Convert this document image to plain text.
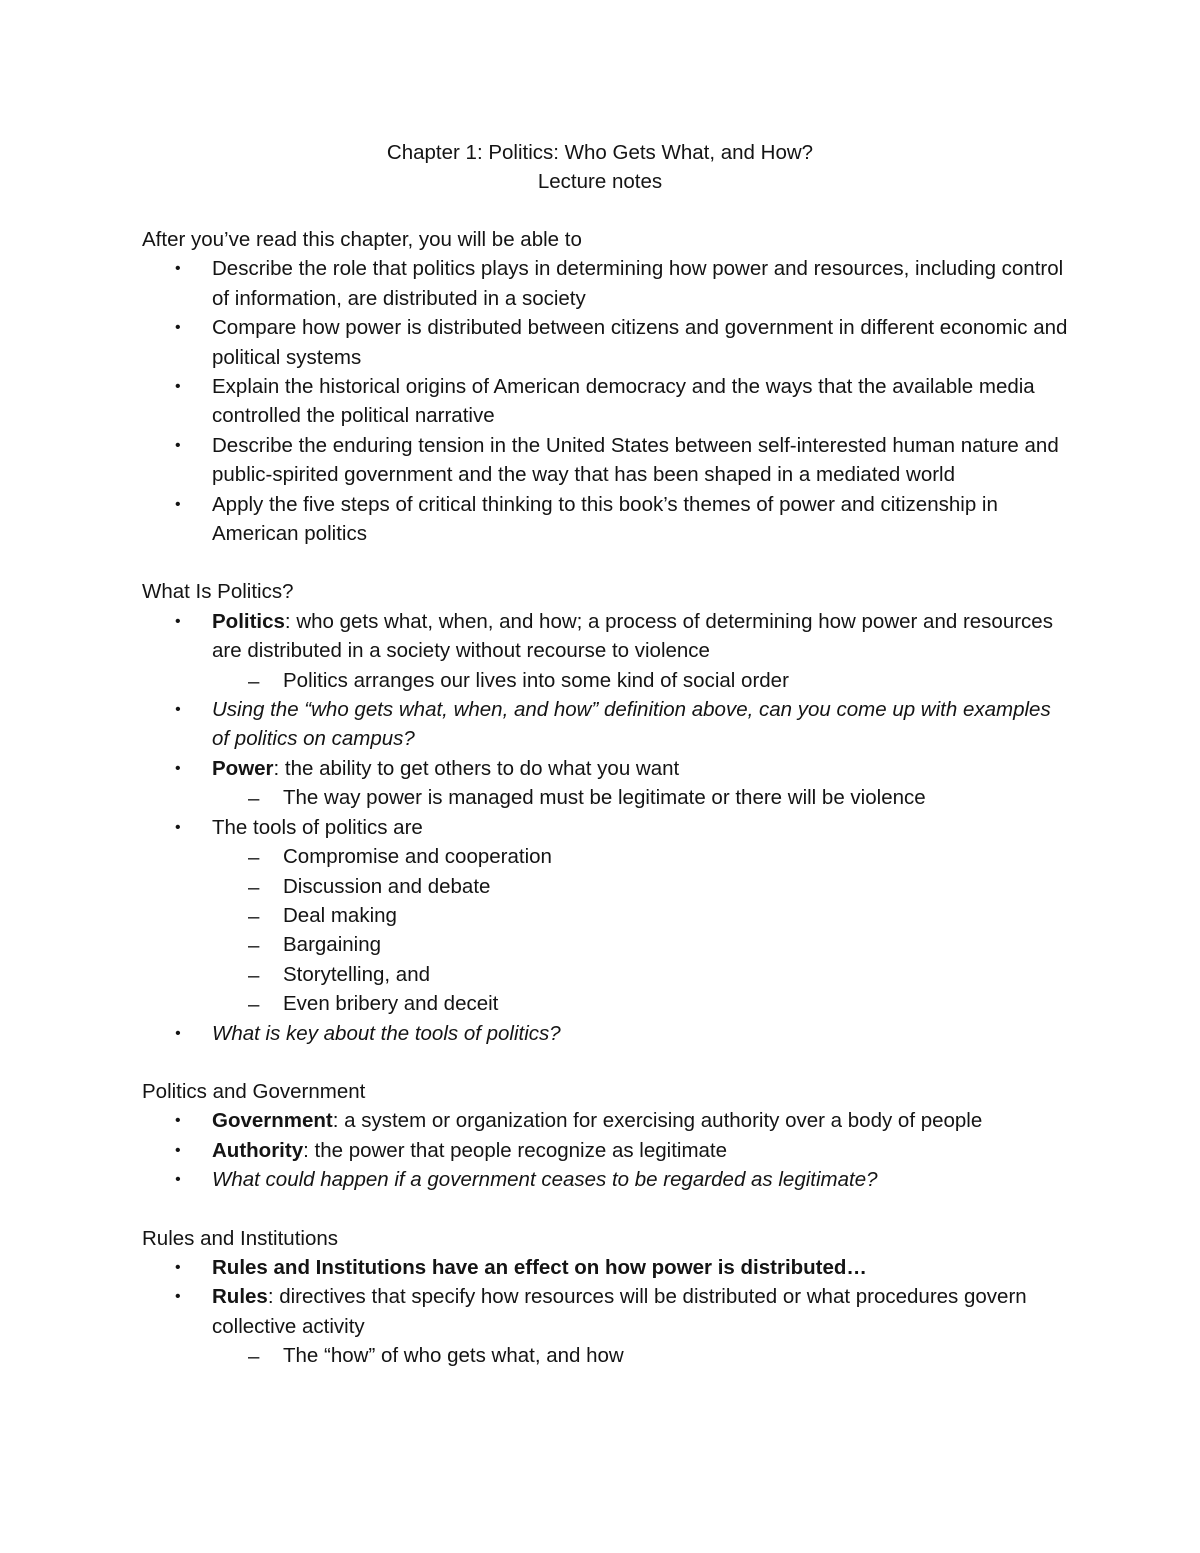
Chapter 1: Politics: Who Gets What, and How?
Lecture notes
After you’ve read this chapter, you will be able to
• Describe the role that politics plays in determining how power and resources, including control of information, are distributed in a society
• Compare how power is distributed between citizens and government in different economic and political systems
• Explain the historical origins of American democracy and the ways that the available media controlled the political narrative
• Describe the enduring tension in the United States between self-interested human nature and public-spirited government and the way that has been shaped in a mediated world
• Apply the five steps of critical thinking to this book’s themes of power and citizenship in American politics
What Is Politics?
• Politics: who gets what, when, and how; a process of determining how power and resources are distributed in a society without recourse to violence
– Politics arranges our lives into some kind of social order
• Using the “who gets what, when, and how” definition above, can you come up with examples of politics on campus?
• Power: the ability to get others to do what you want
– The way power is managed must be legitimate or there will be violence
• The tools of politics are
– Compromise and cooperation
– Discussion and debate
– Deal making
– Bargaining
– Storytelling, and
– Even bribery and deceit
• What is key about the tools of politics?
Politics and Government
• Government: a system or organization for exercising authority over a body of people
• Authority: the power that people recognize as legitimate
• What could happen if a government ceases to be regarded as legitimate?
Rules and Institutions
• Rules and Institutions have an effect on how power is distributed…
• Rules: directives that specify how resources will be distributed or what procedures govern collective activity
– The “how” of who gets what, and how
